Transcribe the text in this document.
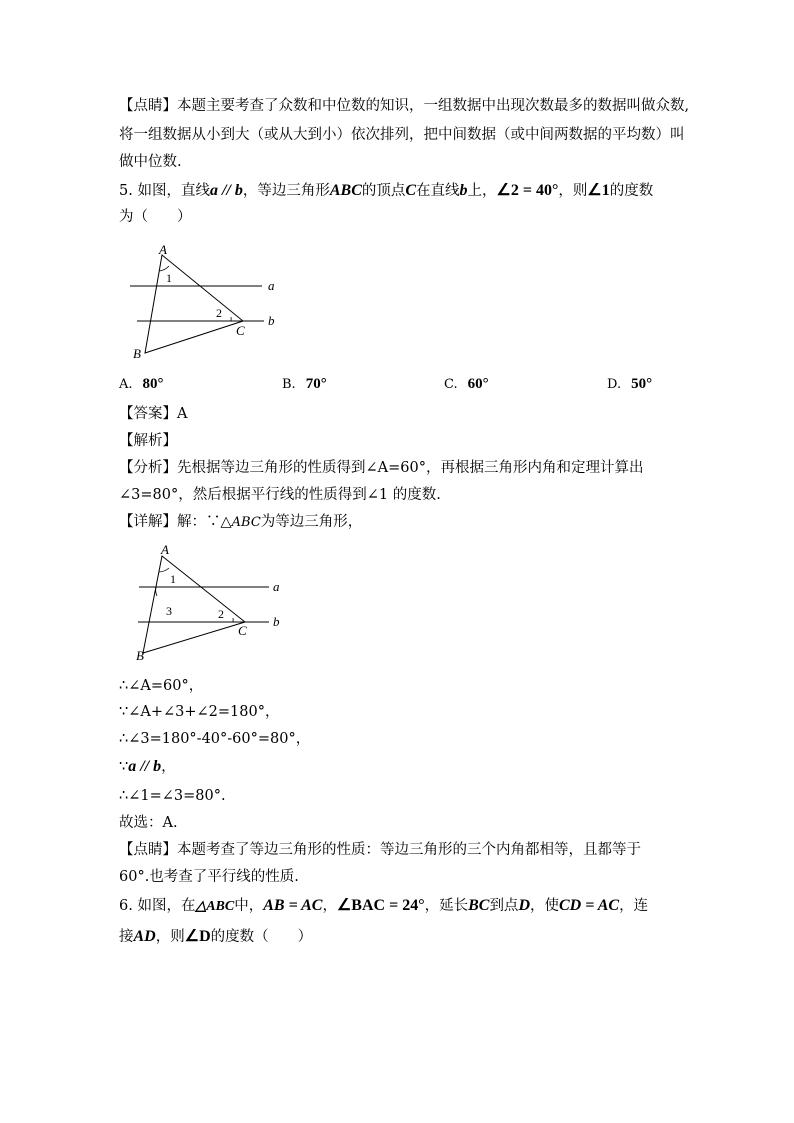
【点睛】本题主要考查了众数和中位数的知识，一组数据中出现次数最多的数据叫做众数,
将一组数据从小到大（或从大到小）依次排列，把中间数据（或中间两数据的平均数）叫
做中位数.
5. 如图，直线a // b，等边三角形ABC的顶点C在直线b上，∠2 = 40°，则∠1的度数
为（　　）
A
B
C
a
b
1
2
A. 80°	B. 70°	C. 60°	D. 50°
【答案】A
【解析】
【分析】先根据等边三角形的性质得到∠A=60°，再根据三角形内角和定理计算出
∠3=80°，然后根据平行线的性质得到∠1 的度数.
【详解】解：∵△ABC为等边三角形，
A
B
C
a
b
1
2
3
∴∠A=60°，
∵∠A+∠3+∠2=180°，
∴∠3=180°-40°-60°=80°，
∵a // b，
∴∠1=∠3=80°.
故选：A.
【点睛】本题考查了等边三角形的性质：等边三角形的三个内角都相等，且都等于
60°.也考查了平行线的性质.
6. 如图，在△ABC中，AB = AC，∠BAC = 24°，延长BC到点D，使CD = AC，连
接AD，则∠D的度数（　　）
